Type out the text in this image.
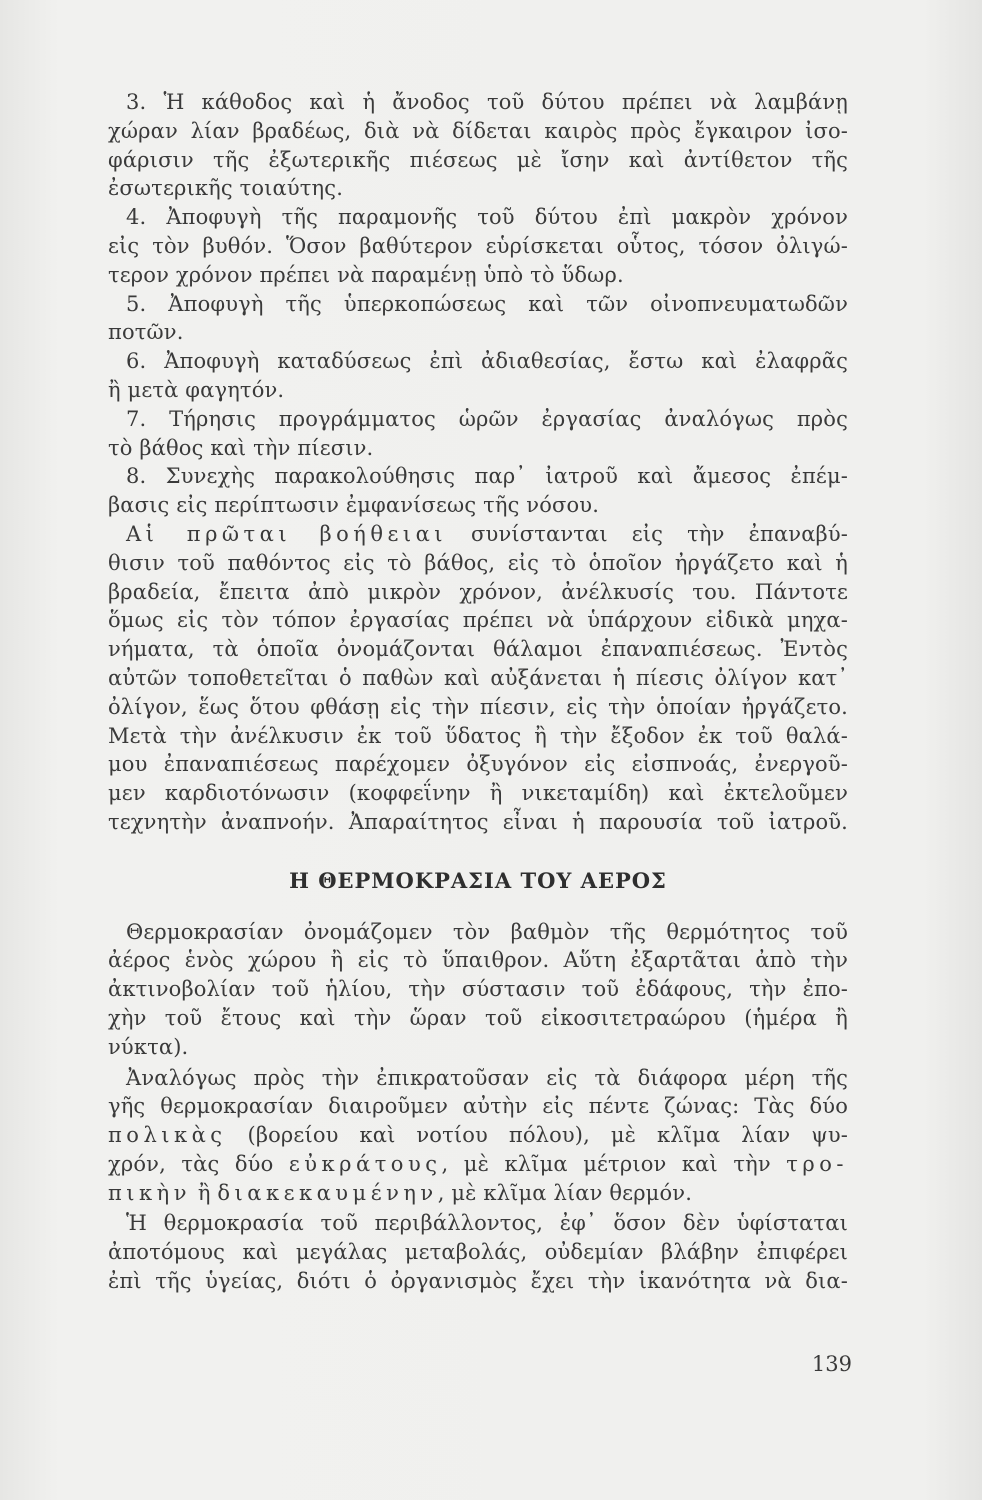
3. Ἡ κάθοδος καὶ ἡ ἄνοδος τοῦ δύτου πρέπει νὰ λαμβάνῃ
χώραν λίαν βραδέως, διὰ νὰ δίδεται καιρὸς πρὸς ἔγκαιρον ἰσο-
φάρισιν τῆς ἐξωτερικῆς πιέσεως μὲ ἴσην καὶ ἀντίθετον τῆς
ἐσωτερικῆς τοιαύτης.
4. Ἀποφυγὴ τῆς παραμονῆς τοῦ δύτου ἐπὶ μακρὸν χρόνον
εἰς τὸν βυθόν. Ὅσον βαθύτερον εὑρίσκεται οὗτος, τόσον ὀλιγώ-
τερον χρόνον πρέπει νὰ παραμένῃ ὑπὸ τὸ ὕδωρ.
5. Ἀποφυγὴ τῆς ὑπερκοπώσεως καὶ τῶν οἰνοπνευματωδῶν
ποτῶν.
6. Ἀποφυγὴ καταδύσεως ἐπὶ ἀδιαθεσίας, ἔστω καὶ ἐλαφρᾶς
ἢ μετὰ φαγητόν.
7. Τήρησις προγράμματος ὡρῶν ἐργασίας ἀναλόγως πρὸς
τὸ βάθος καὶ τὴν πίεσιν.
8. Συνεχὴς παρακολούθησις παρ᾽ ἰατροῦ καὶ ἄμεσος ἐπέμ-
βασις εἰς περίπτωσιν ἐμφανίσεως τῆς νόσου.
Αἱ πρῶται βοήθειαι συνίστανται εἰς τὴν ἐπαναβύ-
θισιν τοῦ παθόντος εἰς τὸ βάθος, εἰς τὸ ὁποῖον ἠργάζετο καὶ ἡ
βραδεία, ἔπειτα ἀπὸ μικρὸν χρόνον, ἀνέλκυσίς του. Πάντοτε
ὅμως εἰς τὸν τόπον ἐργασίας πρέπει νὰ ὑπάρχουν εἰδικὰ μηχα-
νήματα, τὰ ὁποῖα ὀνομάζονται θάλαμοι ἐπαναπιέσεως. Ἐντὸς
αὐτῶν τοποθετεῖται ὁ παθὼν καὶ αὐξάνεται ἡ πίεσις ὀλίγον κατ᾽
ὀλίγον, ἕως ὅτου φθάσῃ εἰς τὴν πίεσιν, εἰς τὴν ὁποίαν ἠργάζετο.
Μετὰ τὴν ἀνέλκυσιν ἐκ τοῦ ὕδατος ἢ τὴν ἔξοδον ἐκ τοῦ θαλά-
μου ἐπαναπιέσεως παρέχομεν ὀξυγόνον εἰς εἰσπνοάς, ἐνεργοῦ-
μεν καρδιοτόνωσιν (κοφφεΐνην ἢ νικεταμίδη) καὶ ἐκτελοῦμεν
τεχνητὴν ἀναπνοήν. Ἀπαραίτητος εἶναι ἡ παρουσία τοῦ ἰατροῦ.
Η ΘΕΡΜΟΚΡΑΣΙΑ ΤΟΥ ΑΕΡΟΣ
Θερμοκρασίαν ὀνομάζομεν τὸν βαθμὸν τῆς θερμότητος τοῦ
ἀέρος ἑνὸς χώρου ἢ εἰς τὸ ὕπαιθρον. Αὕτη ἐξαρτᾶται ἀπὸ τὴν
ἀκτινοβολίαν τοῦ ἡλίου, τὴν σύστασιν τοῦ ἐδάφους, τὴν ἐπο-
χὴν τοῦ ἔτους καὶ τὴν ὥραν τοῦ εἰκοσιτετραώρου (ἡμέρα ἢ
νύκτα).
Ἀναλόγως πρὸς τὴν ἐπικρατοῦσαν εἰς τὰ διάφορα μέρη τῆς
γῆς θερμοκρασίαν διαιροῦμεν αὐτὴν εἰς πέντε ζώνας: Τὰς δύο
πολικὰς (βορείου καὶ νοτίου πόλου), μὲ κλῖμα λίαν ψυ-
χρόν, τὰς δύο εὐκράτους, μὲ κλῖμα μέτριον καὶ τὴν τρο-
πικὴν ἢ διακεκαυμένην, μὲ κλῖμα λίαν θερμόν.
Ἡ θερμοκρασία τοῦ περιβάλλοντος, ἐφ᾽ ὅσον δὲν ὑφίσταται
ἀποτόμους καὶ μεγάλας μεταβολάς, οὐδεμίαν βλάβην ἐπιφέρει
ἐπὶ τῆς ὑγείας, διότι ὁ ὀργανισμὸς ἔχει τὴν ἱκανότητα νὰ δια-
139
